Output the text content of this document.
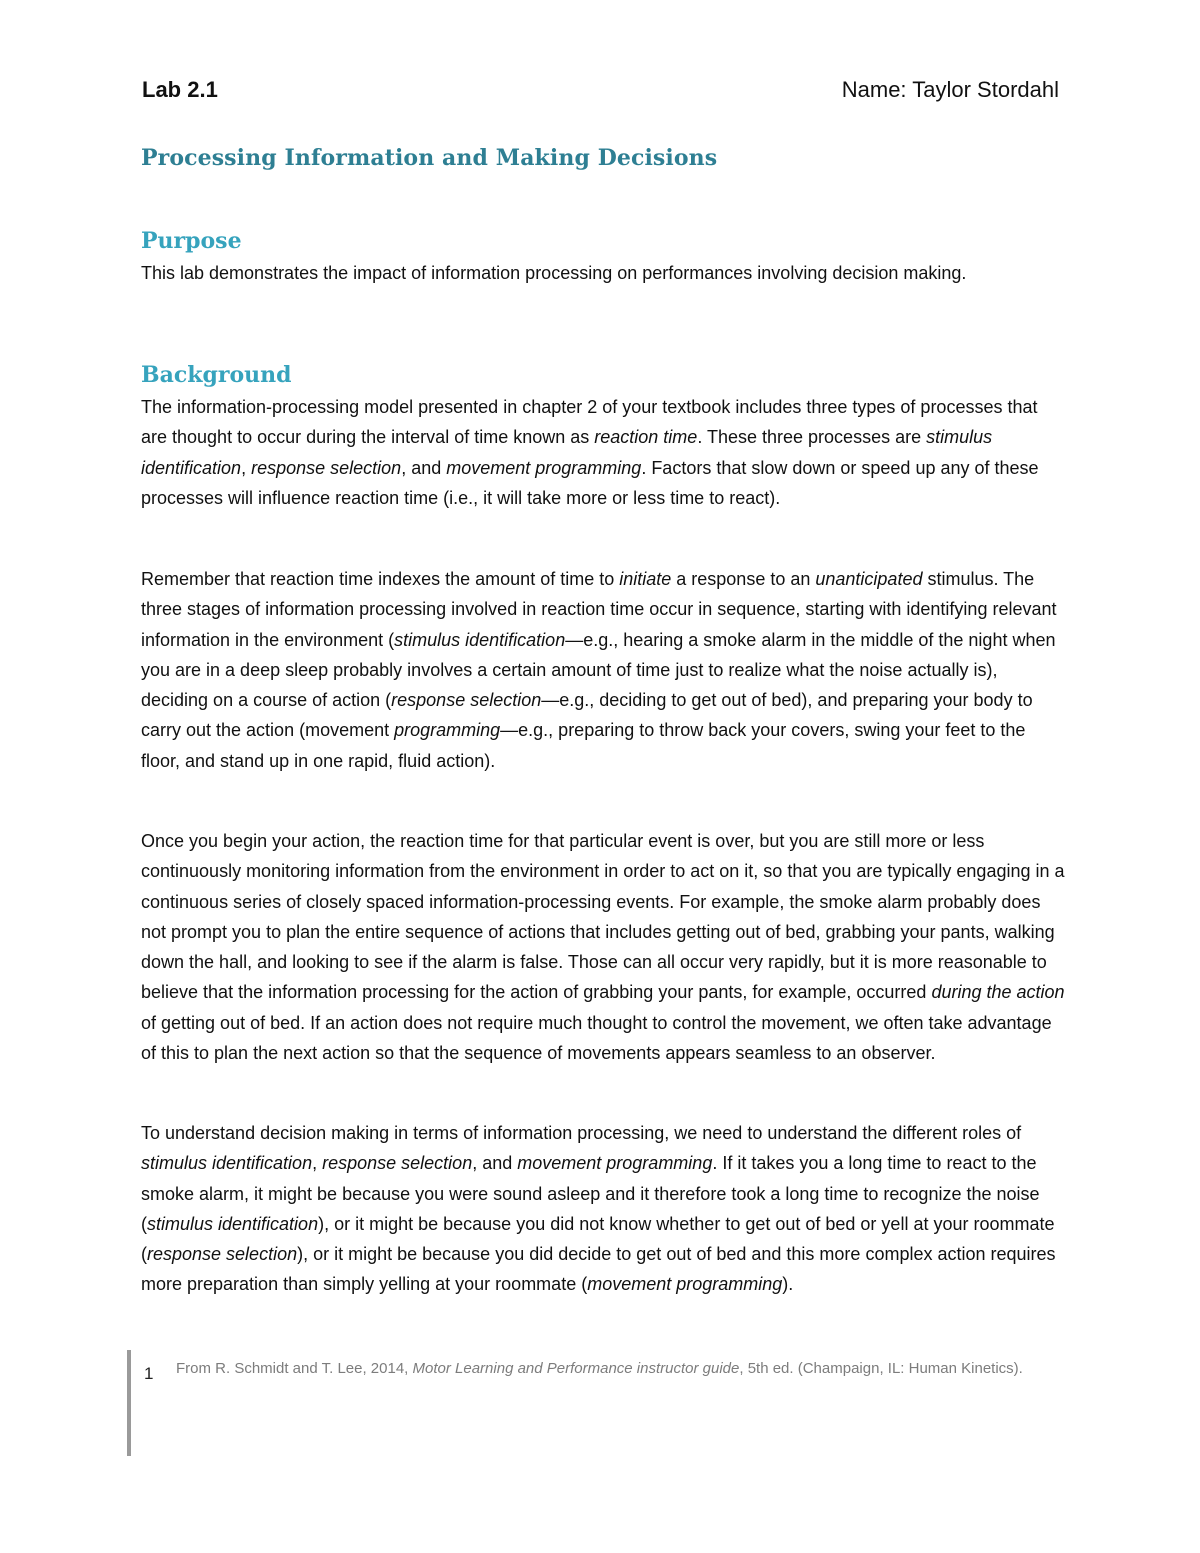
Lab 2.1	Name: Taylor Stordahl
Processing Information and Making Decisions
Purpose

This lab demonstrates the impact of information processing on performances involving decision making.

Background

The information-processing model presented in chapter 2 of your textbook includes three types of processes that are thought to occur during the interval of time known as reaction time. These three processes are stimulus identification, response selection, and movement programming. Factors that slow down or speed up any of these processes will influence reaction time (i.e., it will take more or less time to react).

Remember that reaction time indexes the amount of time to initiate a response to an unanticipated stimulus. The three stages of information processing involved in reaction time occur in sequence, starting with identifying relevant information in the environment (stimulus identification—e.g., hearing a smoke alarm in the middle of the night when you are in a deep sleep probably involves a certain amount of time just to realize what the noise actually is), deciding on a course of action (response selection—e.g., deciding to get out of bed), and preparing your body to carry out the action (movement programming—e.g., preparing to throw back your covers, swing your feet to the floor, and stand up in one rapid, fluid action).

Once you begin your action, the reaction time for that particular event is over, but you are still more or less continuously monitoring information from the environment in order to act on it, so that you are typically engaging in a continuous series of closely spaced information-processing events. For example, the smoke alarm probably does not prompt you to plan the entire sequence of actions that includes getting out of bed, grabbing your pants, walking down the hall, and looking to see if the alarm is false. Those can all occur very rapidly, but it is more reasonable to believe that the information processing for the action of grabbing your pants, for example, occurred during the action of getting out of bed. If an action does not require much thought to control the movement, we often take advantage of this to plan the next action so that the sequence of movements appears seamless to an observer.

To understand decision making in terms of information processing, we need to understand the different roles of stimulus identification, response selection, and movement programming. If it takes you a long time to react to the smoke alarm, it might be because you were sound asleep and it therefore took a long time to recognize the noise (stimulus identification), or it might be because you did not know whether to get out of bed or yell at your roommate (response selection), or it might be because you did decide to get out of bed and this more complex action requires more preparation than simply yelling at your roommate (movement programming).

1 From R. Schmidt and T. Lee, 2014, Motor Learning and Performance instructor guide, 5th ed. (Champaign, IL: Human Kinetics).
